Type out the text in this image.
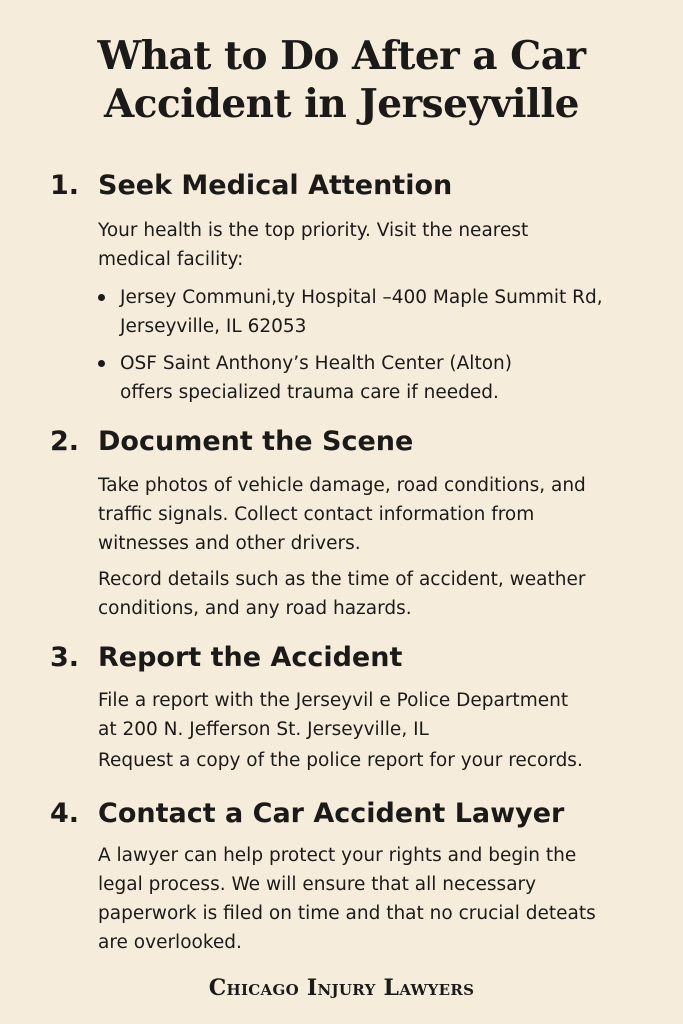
What to Do After a Car
Accident in Jerseyville
1. Seek Medical Attention

Your health is the top priority. Visit the nearest
medical facility:

Jersey Communi,ty Hospital –400 Maple Summit Rd,
Jerseyville, IL 62053
OSF Saint Anthony’s Health Center (Alton)
offers specialized trauma care if needed.
2. Document the Scene

Take photos of vehicle damage, road conditions, and
traffic signals. Collect contact information from
witnesses and other drivers.

Record details such as the time of accident, weather
conditions, and any road hazards.

3. Report the Accident

File a report with the Jerseyvil e Police Department
at 200 N. Jefferson St. Jerseyville, IL

Request a copy of the police report for your records.

4. Contact a Car Accident Lawyer

A lawyer can help protect your rights and begin the
legal process. We will ensure that all necessary
paperwork is filed on time and that no crucial deteats
are overlooked.

Chicago Injury Lawyers
